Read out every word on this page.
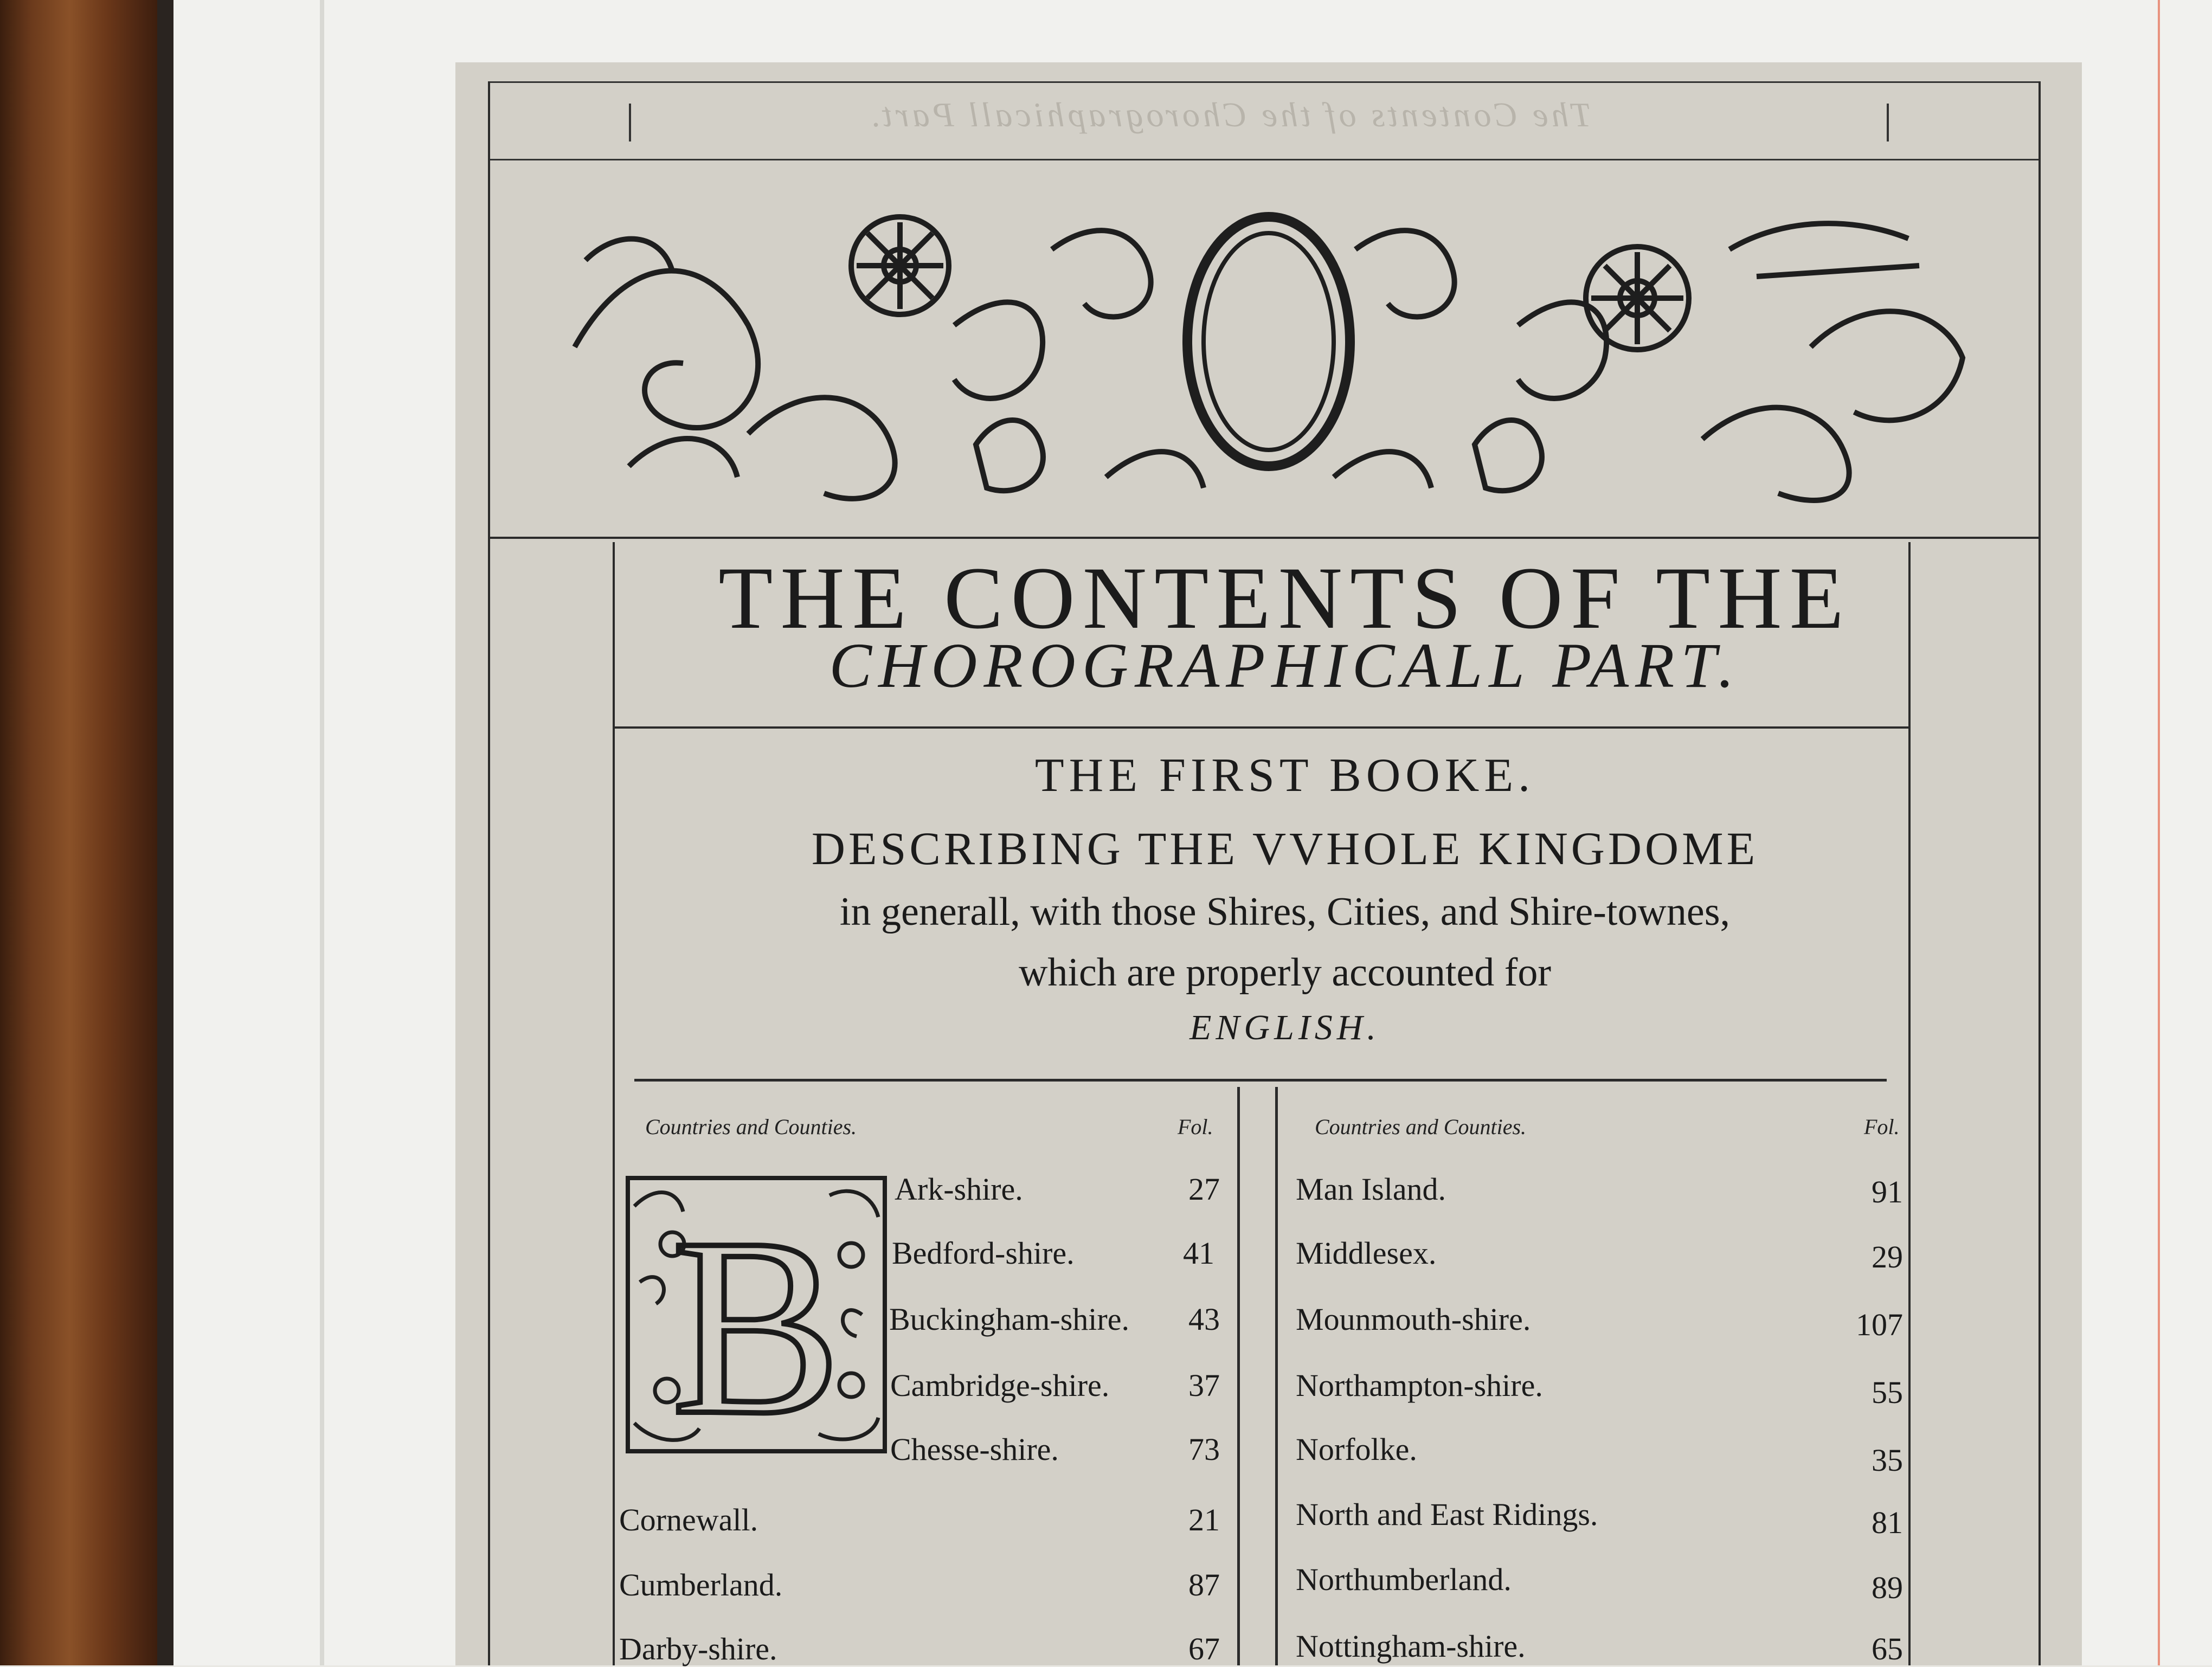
The Contents of the Chorographicall Part.
THE CONTENTS OF THE
CHOROGRAPHICALL PART.
THE FIRST BOOKE.
DESCRIBING THE VVHOLE KINGDOME
in generall, with those Shires, Cities, and Shire-townes,
which are properly accounted for
ENGLISH.
Countries and Counties.	Fol.	Countries and Counties.	Fol.
B Ark-shire.	27
Bedford-shire.	41
Buckingham-shire.	43
Cambridge-shire.	37
Chesse-shire.	73
Cornewall.	21
Cumberland.	87
Darby-shire.	67
Man Island.	91
Middlesex.	29
Mounmouth-shire.	107
Northampton-shire.	55
Norfolke.	35
North and East Ridings.	81
Northumberland.	89
Nottingham-shire.	65
